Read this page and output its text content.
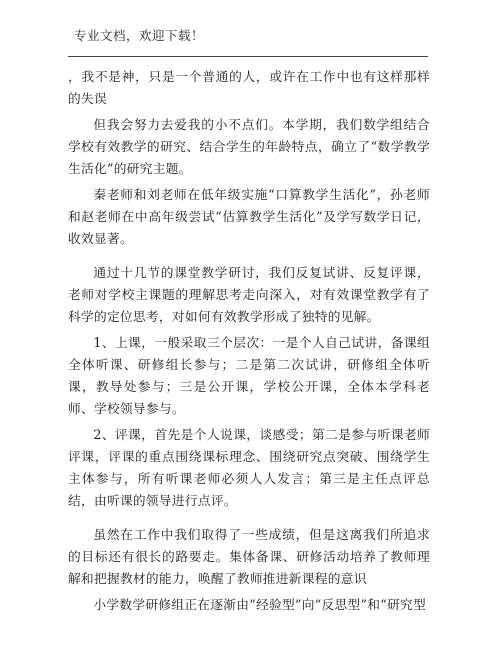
专业文档，欢迎下载！

，我不是神，只是一个普通的人，或许在工作中也有这样那样的失误

但我会努力去爱我的小不点们。本学期，我们数学组结合学校有效教学的研究、结合学生的年龄特点，确立了“数学教学生活化”的研究主题。

秦老师和刘老师在低年级实施“口算教学生活化”，孙老师和赵老师在中高年级尝试“估算教学生活化”及学写数学日记，收效显著。

通过十几节的课堂教学研讨，我们反复试讲、反复评课，老师对学校主课题的理解思考走向深入，对有效课堂教学有了科学的定位思考，对如何有效教学形成了独特的见解。

1、上课，一般采取三个层次：一是个人自己试讲，备课组全体听课、研修组长参与；二是第二次试讲，研修组全体听课，教导处参与；三是公开课，学校公开课，全体本学科老师、学校领导参与。

2、评课，首先是个人说课，谈感受；第二是参与听课老师评课，评课的重点围绕课标理念、围绕研究点突破、围绕学生主体参与，所有听课老师必须人人发言；第三是主任点评总结，由听课的领导进行点评。

虽然在工作中我们取得了一些成绩，但是这离我们所追求的目标还有很长的路要走。集体备课、研修活动培养了教师理解和把握教材的能力，唤醒了教师推进新课程的意识

小学数学研修组正在逐渐由“经验型”向“反思型”和“研究型
